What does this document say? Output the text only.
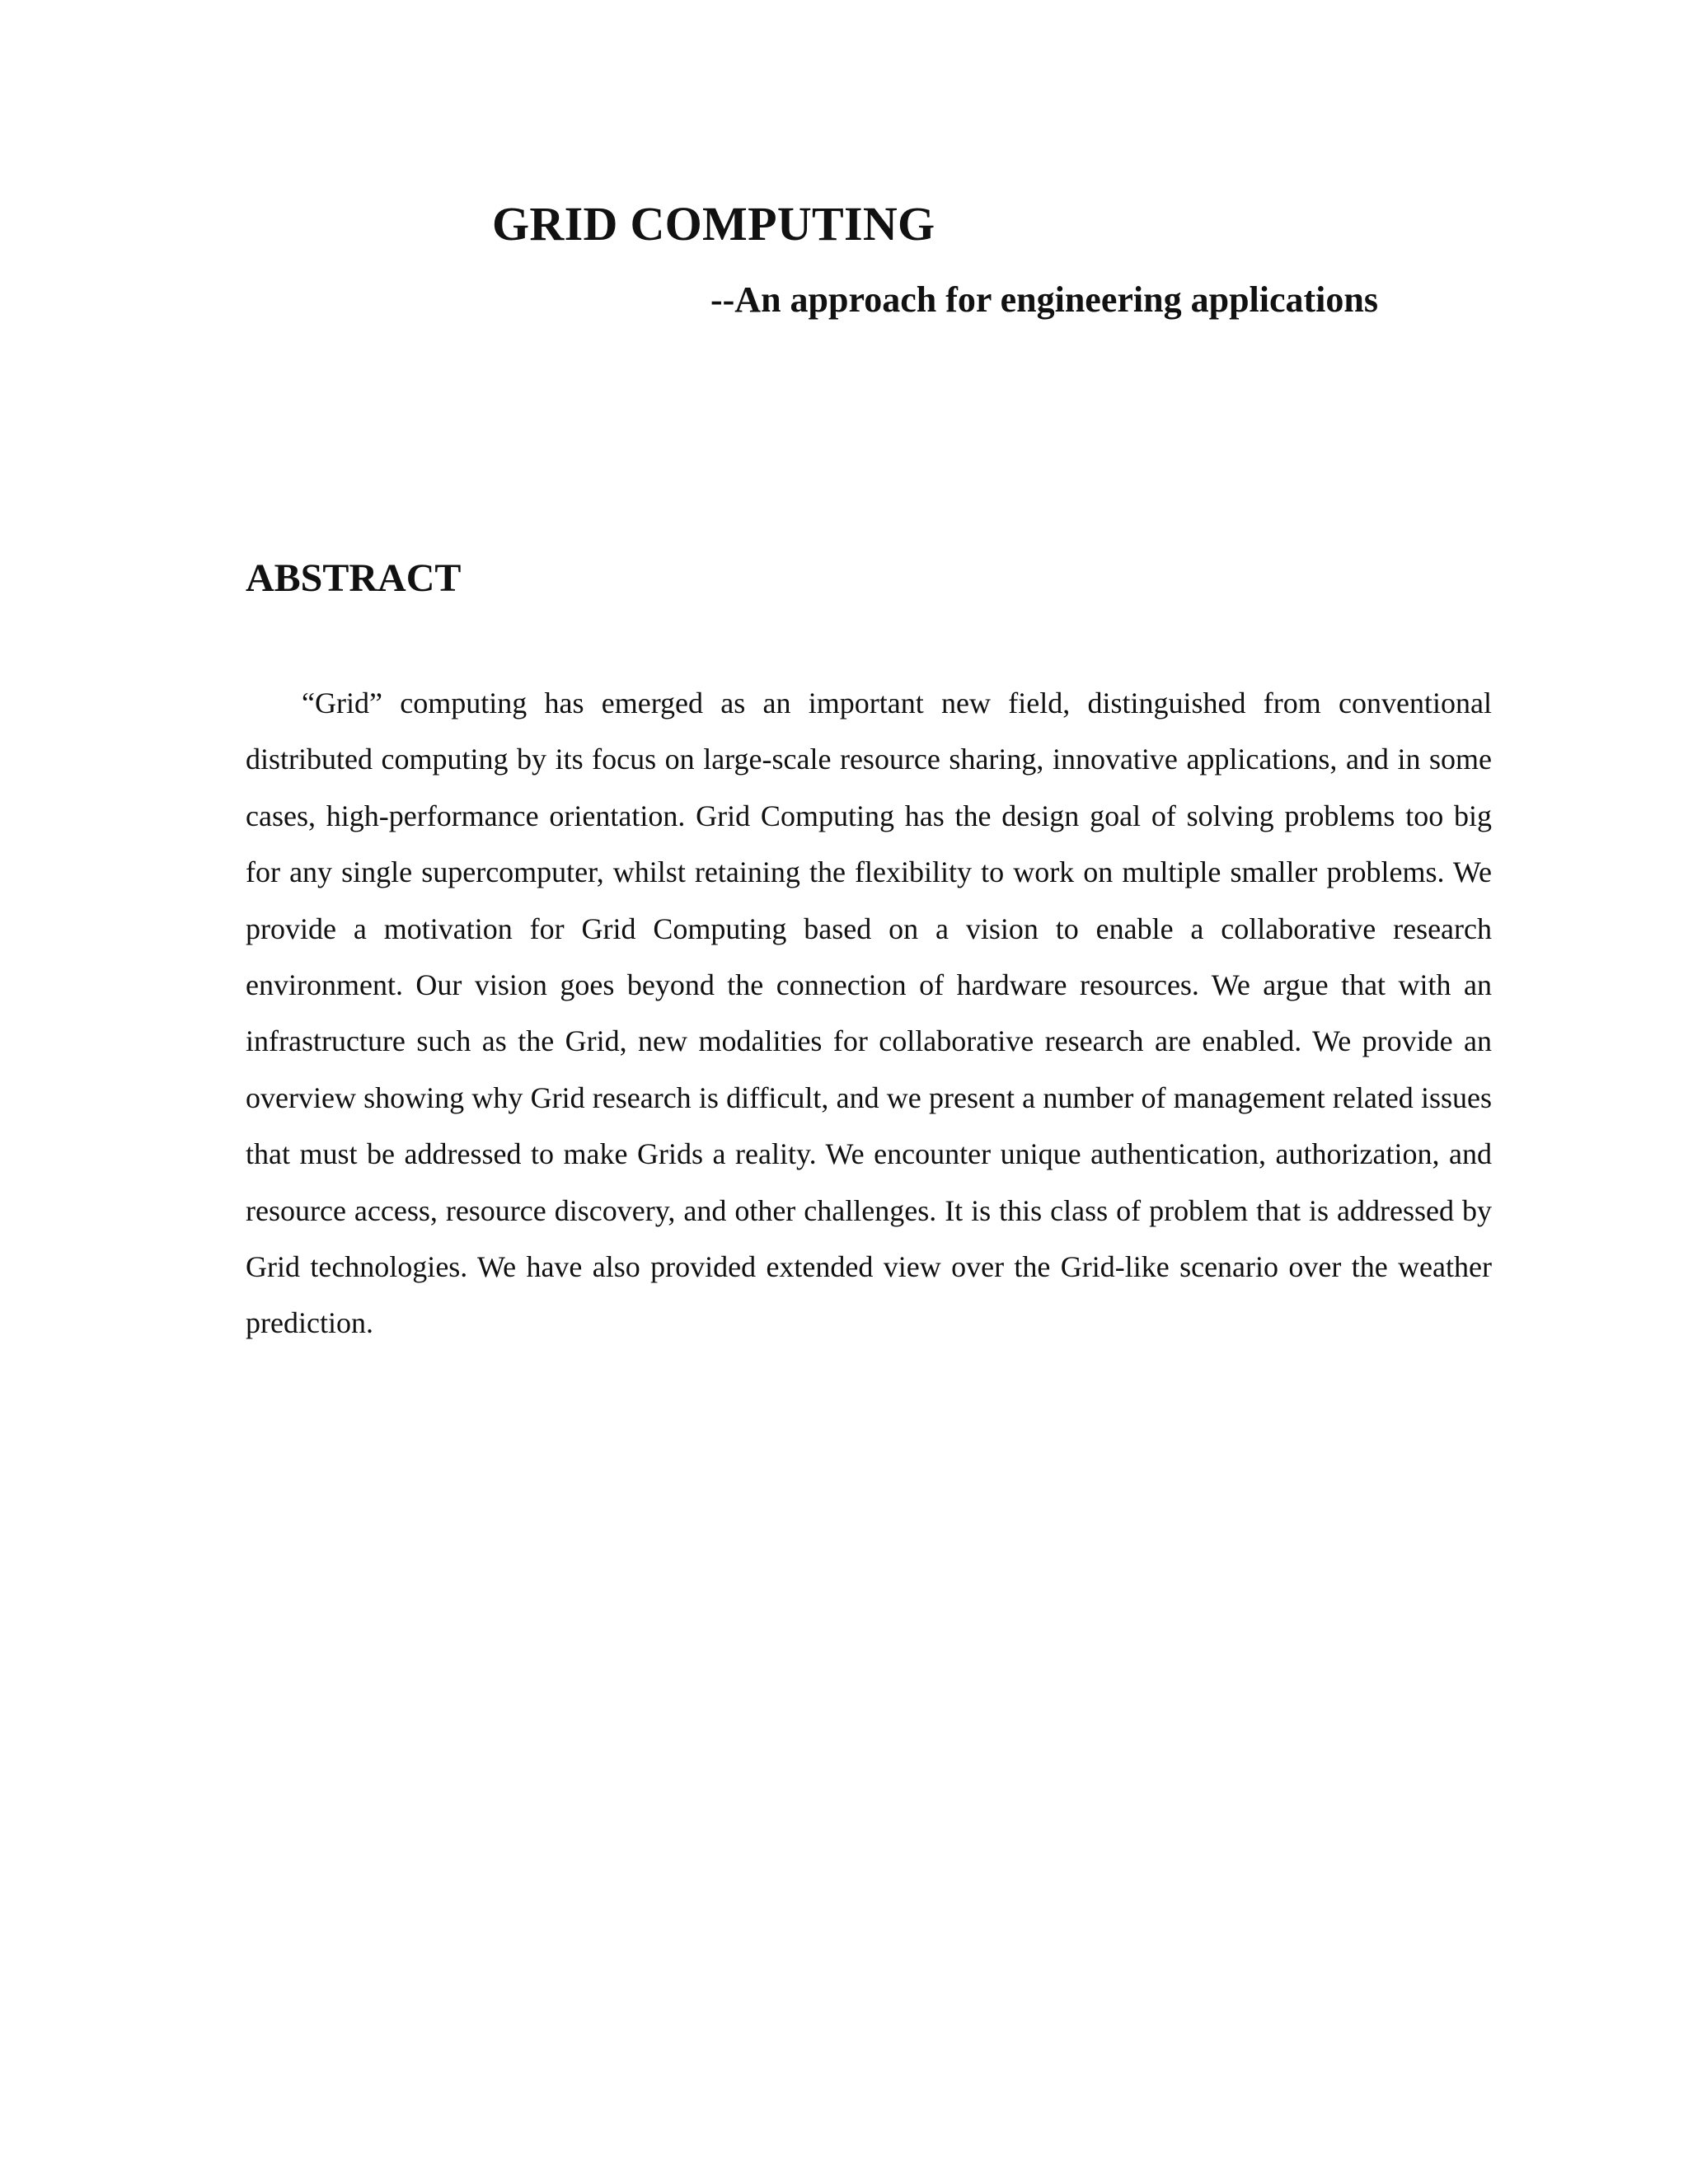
GRID COMPUTING
--An approach for engineering applications
ABSTRACT

“Grid” computing has emerged as an important new field, distinguished from conventional distributed computing by its focus on large-scale resource sharing, innovative applications, and in some cases, high-performance orientation. Grid Computing has the design goal of solving problems too big for any single supercomputer, whilst retaining the flexibility to work on multiple smaller problems. We provide a motivation for Grid Computing based on a vision to enable a collaborative research environment. Our vision goes beyond the connection of hardware resources. We argue that with an infrastructure such as the Grid, new modalities for collaborative research are enabled. We provide an overview showing why Grid research is difficult, and we present a number of management related issues that must be addressed to make Grids a reality. We encounter unique authentication, authorization, and resource access, resource discovery, and other challenges. It is this class of problem that is addressed by Grid technologies. We have also provided extended view over the Grid-like scenario over the weather prediction.
